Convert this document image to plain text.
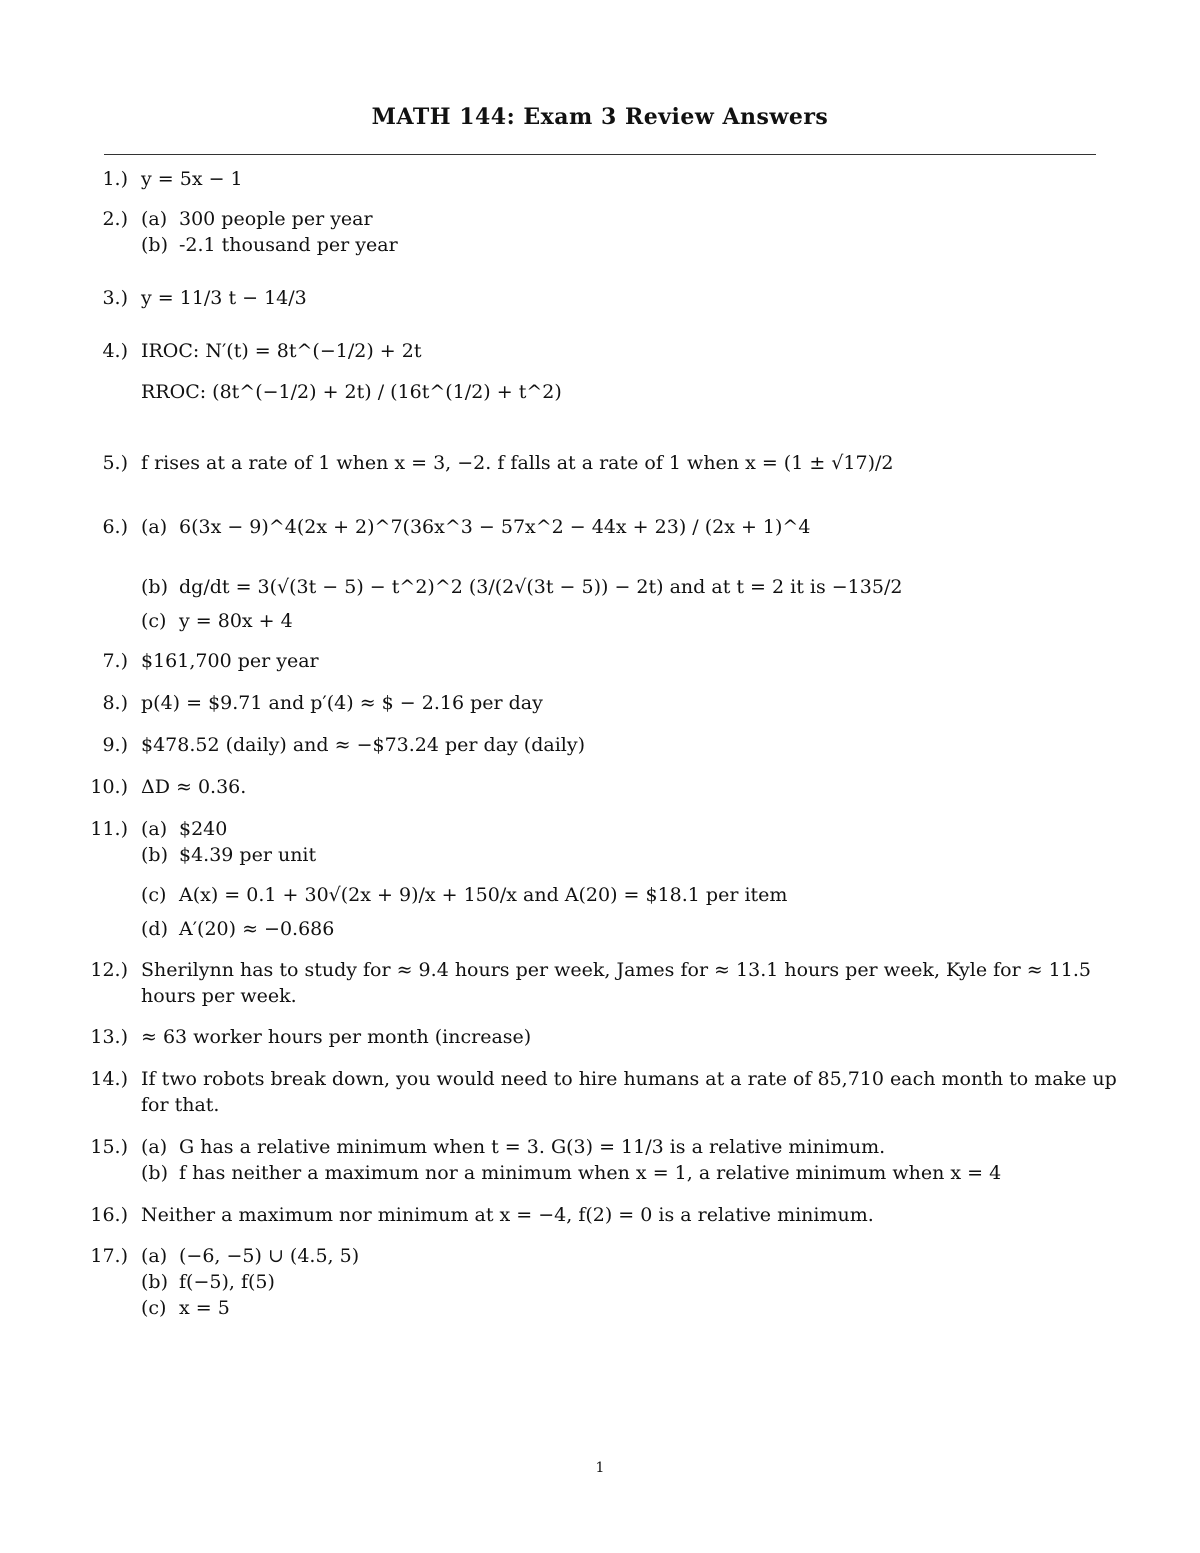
MATH 144: Exam 3 Review Answers
1.) y = 5x − 1
2.) (a) 300 people per year
(b) -2.1 thousand per year
3.) y = 11/3 t − 14/3
4.) IROC: N′(t) = 8t^(−1/2) + 2t
RROC: (8t^(−1/2) + 2t) / (16t^(1/2) + t^2)
5.) f rises at a rate of 1 when x = 3, −2. f falls at a rate of 1 when x = (1 ± √17)/2
6.) (a) 6(3x − 9)^4(2x + 2)^7(36x^3 − 57x^2 − 44x + 23) / (2x + 1)^4
(b) dg/dt = 3(√(3t − 5) − t^2)^2 (3/(2√(3t − 5)) − 2t) and at t = 2 it is −135/2
(c) y = 80x + 4
7.) $161,700 per year
8.) p(4) = $9.71 and p′(4) ≈ $ − 2.16 per day
9.) $478.52 (daily) and ≈ −$73.24 per day (daily)
10.) ΔD ≈ 0.36.
11.) (a) $240
(b) $4.39 per unit
(c) A(x) = 0.1 + 30√(2x + 9)/x + 150/x and A(20) = $18.1 per item
(d) A′(20) ≈ −0.686
12.) Sherilynn has to study for ≈ 9.4 hours per week, James for ≈ 13.1 hours per week, Kyle for ≈ 11.5
hours per week.
13.) ≈ 63 worker hours per month (increase)
14.) If two robots break down, you would need to hire humans at a rate of 85,710 each month to make up
for that.
15.) (a) G has a relative minimum when t = 3. G(3) = 11/3 is a relative minimum.
(b) f has neither a maximum nor a minimum when x = 1, a relative minimum when x = 4
16.) Neither a maximum nor minimum at x = −4, f(2) = 0 is a relative minimum.
17.) (a) (−6, −5) ∪ (4.5, 5)
(b) f(−5), f(5)
(c) x = 5
1
